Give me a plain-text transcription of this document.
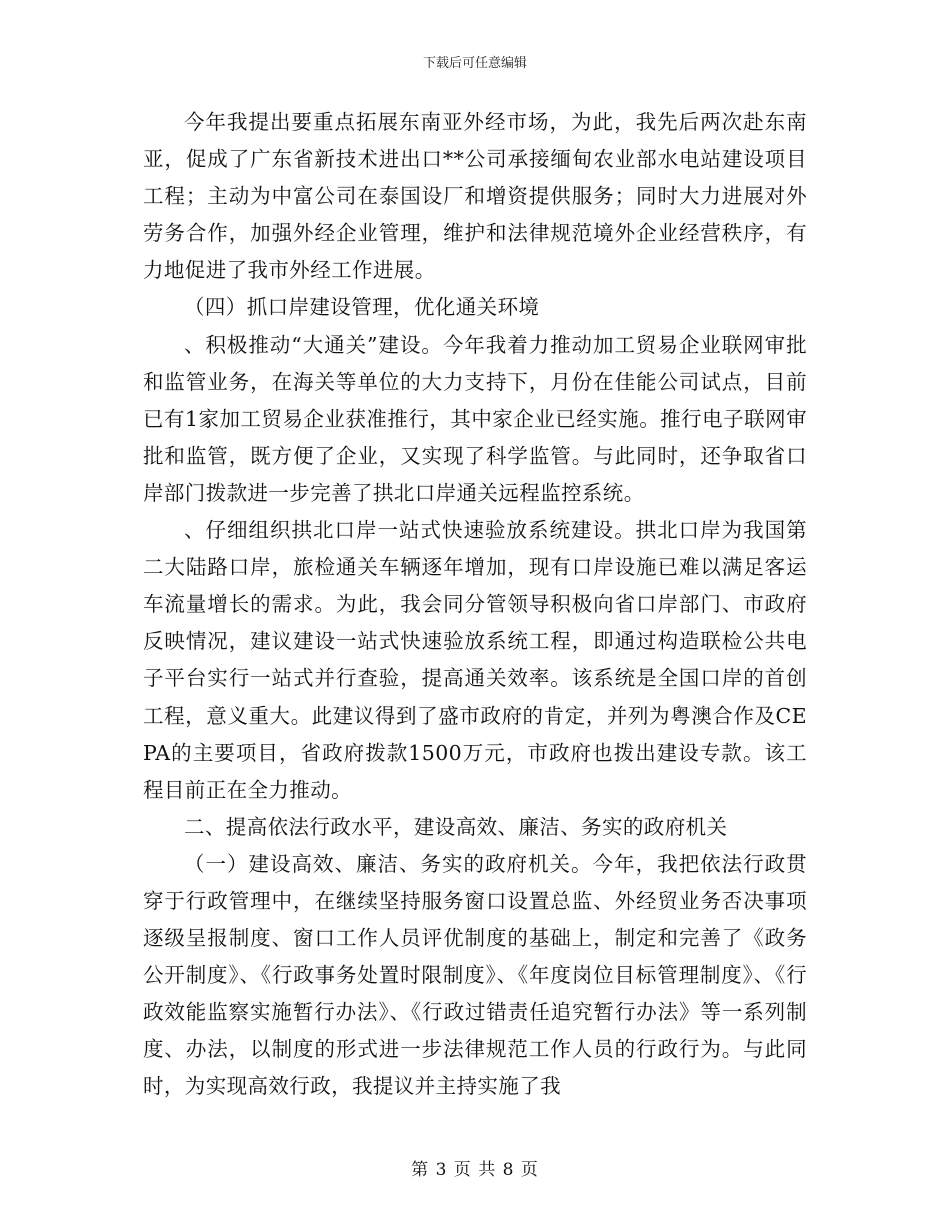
下载后可任意编辑

今年我提出要重点拓展东南亚外经市场，为此，我先后两次赴东南亚，促成了广东省新技术进出口**公司承接缅甸农业部水电站建设项目工程；主动为中富公司在泰国设厂和增资提供服务；同时大力进展对外劳务合作，加强外经企业管理，维护和法律规范境外企业经营秩序，有力地促进了我市外经工作进展。

（四）抓口岸建设管理，优化通关环境

、积极推动“大通关”建设。今年我着力推动加工贸易企业联网审批和监管业务，在海关等单位的大力支持下，月份在佳能公司试点，目前已有1家加工贸易企业获准推行，其中家企业已经实施。推行电子联网审批和监管，既方便了企业，又实现了科学监管。与此同时，还争取省口岸部门拨款进一步完善了拱北口岸通关远程监控系统。

、仔细组织拱北口岸一站式快速验放系统建设。拱北口岸为我国第二大陆路口岸，旅检通关车辆逐年增加，现有口岸设施已难以满足客运车流量增长的需求。为此，我会同分管领导积极向省口岸部门、市政府反映情况，建议建设一站式快速验放系统工程，即通过构造联检公共电子平台实行一站式并行查验，提高通关效率。该系统是全国口岸的首创工程，意义重大。此建议得到了盛市政府的肯定，并列为粤澳合作及CEPA的主要项目，省政府拨款1500万元，市政府也拨出建设专款。该工程目前正在全力推动。

二、提高依法行政水平，建设高效、廉洁、务实的政府机关

（一）建设高效、廉洁、务实的政府机关。今年，我把依法行政贯穿于行政管理中，在继续坚持服务窗口设置总监、外经贸业务否决事项逐级呈报制度、窗口工作人员评优制度的基础上，制定和完善了《政务公开制度》、《行政事务处置时限制度》、《年度岗位目标管理制度》、《行政效能监察实施暂行办法》、《行政过错责任追究暂行办法》等一系列制度、办法，以制度的形式进一步法律规范工作人员的行政行为。与此同时，为实现高效行政，我提议并主持实施了我

第 3 页 共 8 页
